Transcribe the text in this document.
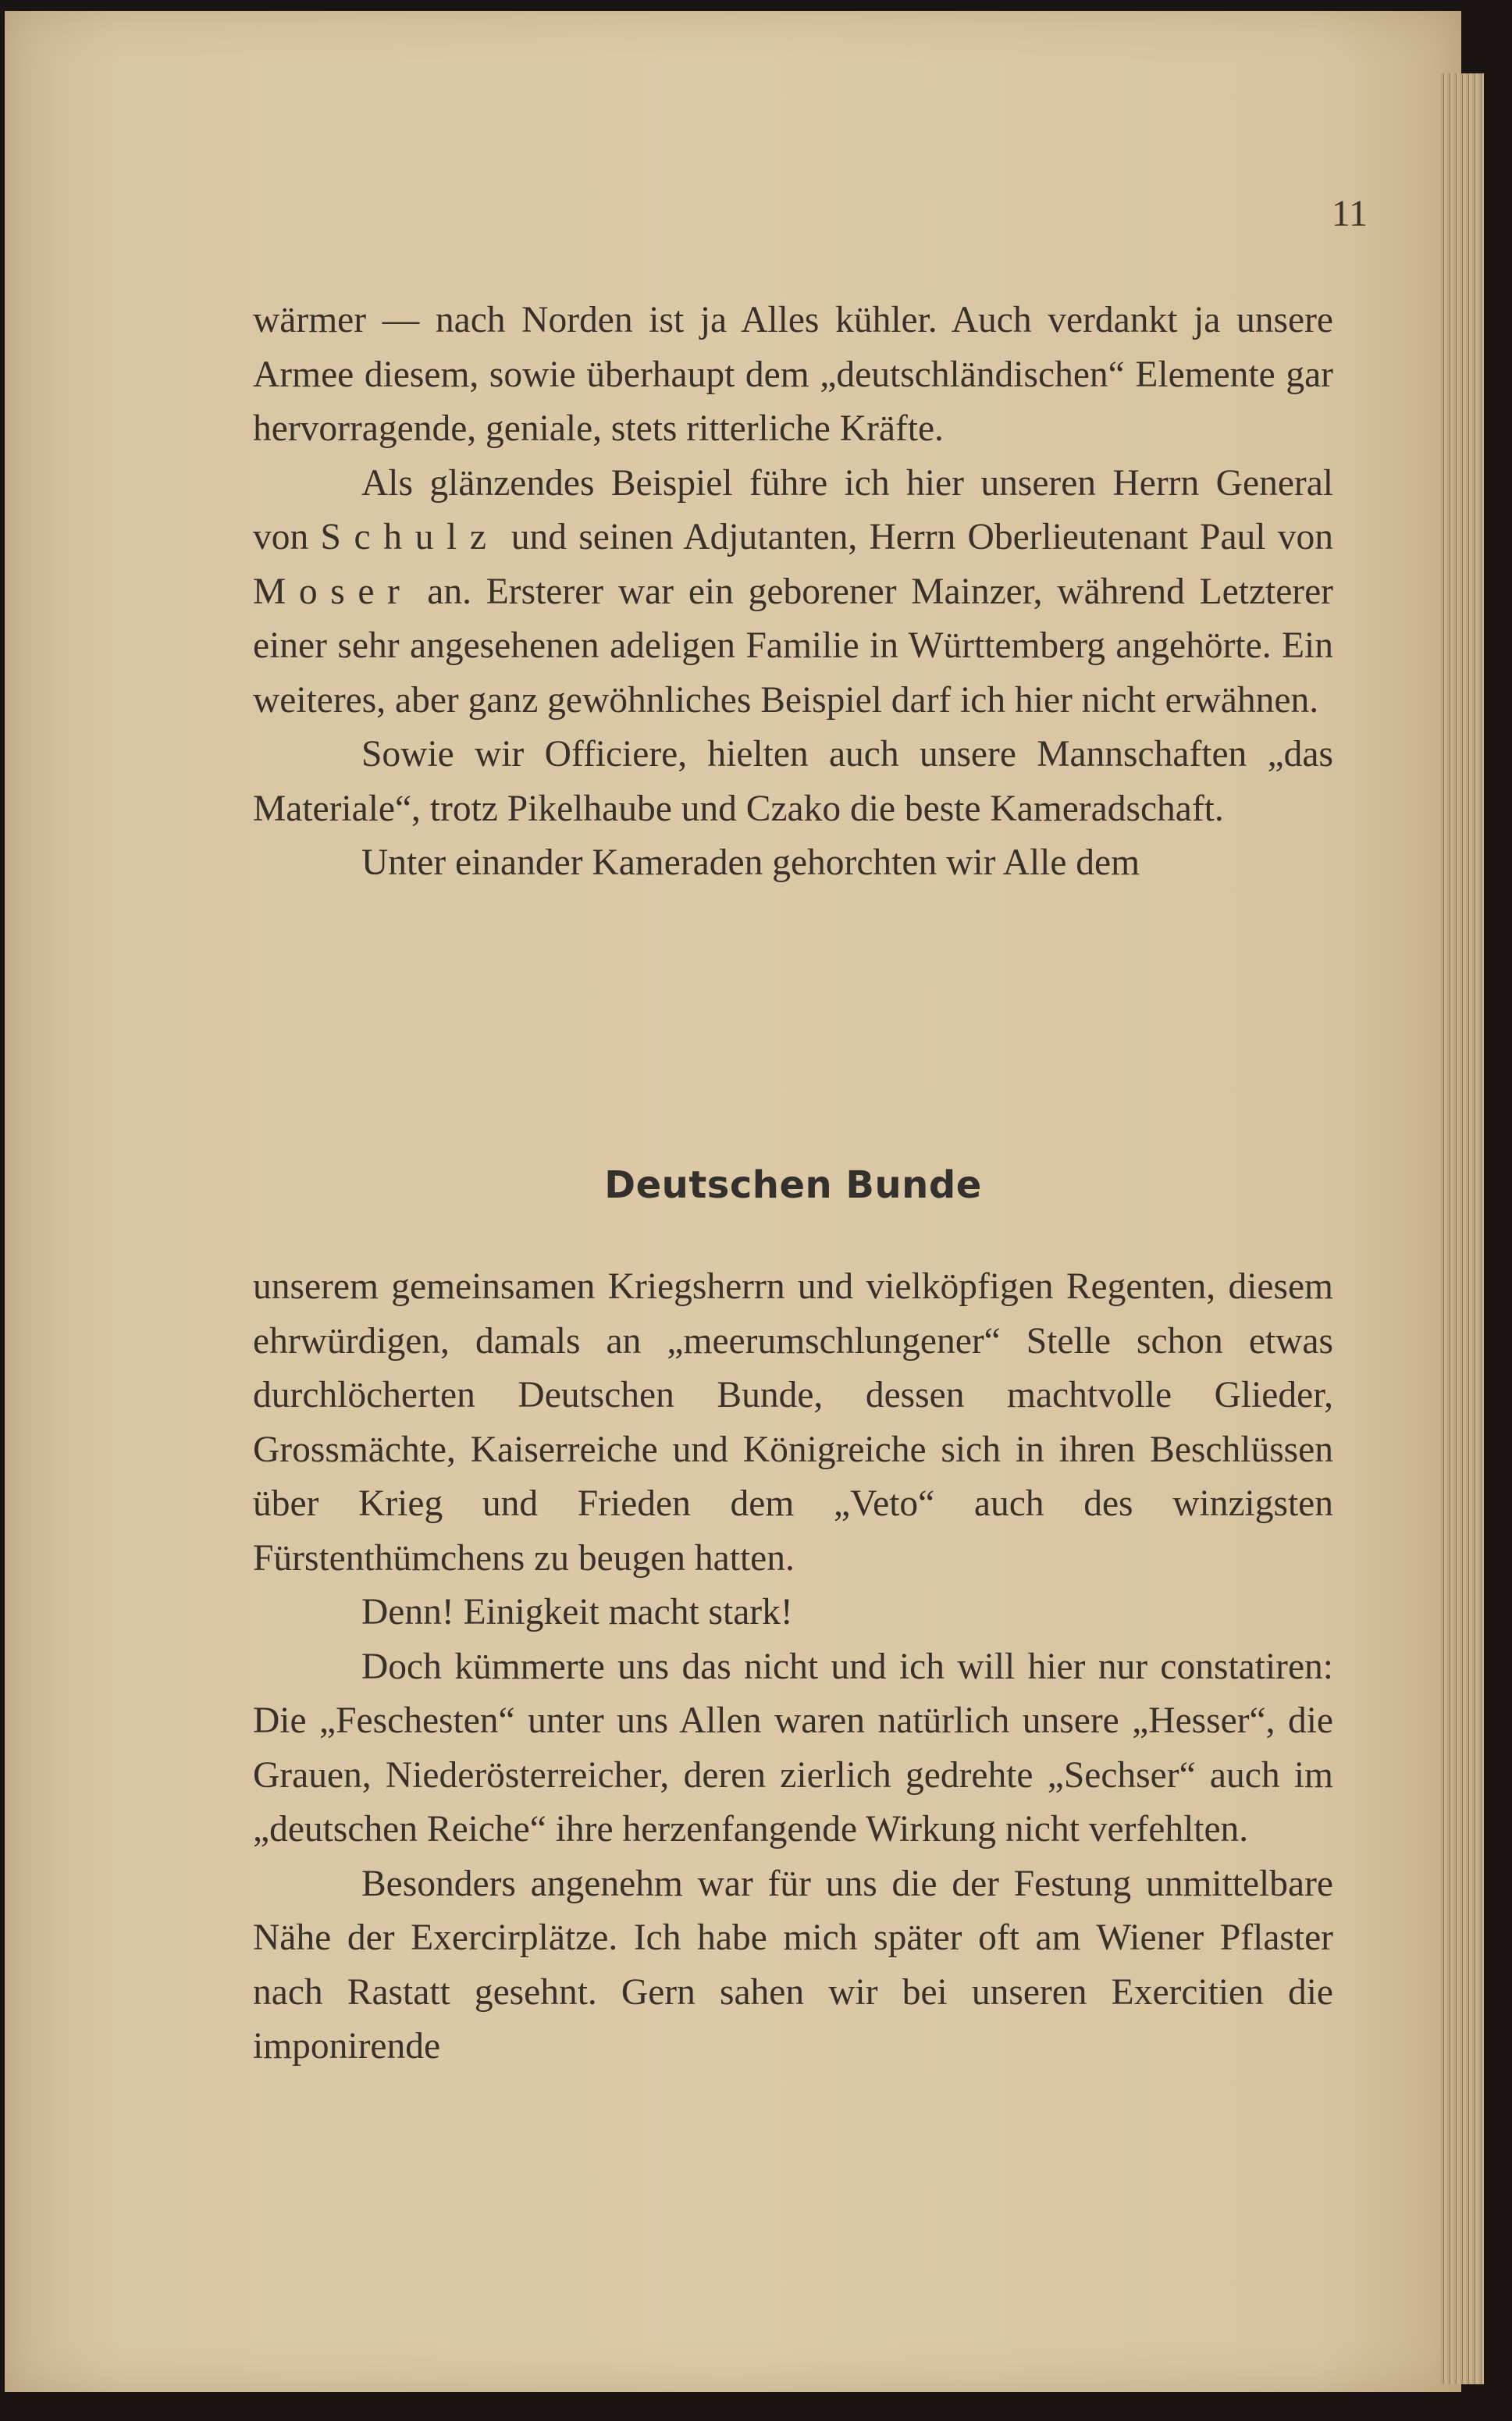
11

wärmer — nach Norden ist ja Alles kühler. Auch verdankt ja unsere Armee diesem, sowie überhaupt dem „deutschländischen“ Elemente gar hervorragende, geniale, stets ritterliche Kräfte.

Als glänzendes Beispiel führe ich hier unseren Herrn General von Schulz und seinen Adjutanten, Herrn Oberlieutenant Paul von Moser an. Ersterer war ein geborener Mainzer, während Letzterer einer sehr angesehenen adeligen Familie in Württemberg angehörte. Ein weiteres, aber ganz gewöhnliches Beispiel darf ich hier nicht erwähnen.

Sowie wir Officiere, hielten auch unsere Mannschaften „das Materiale“, trotz Pikelhaube und Czako die beste Kameradschaft.

Unter einander Kameraden gehorchten wir Alle dem

Deutschen Bunde

unserem gemeinsamen Kriegsherrn und vielköpfigen Regenten, diesem ehrwürdigen, damals an „meerumschlungener“ Stelle schon etwas durchlöcherten Deutschen Bunde, dessen machtvolle Glieder, Grossmächte, Kaiserreiche und Königreiche sich in ihren Beschlüssen über Krieg und Frieden dem „Veto“ auch des winzigsten Fürstenthümchens zu beugen hatten.

Denn! Einigkeit macht stark!

Doch kümmerte uns das nicht und ich will hier nur constatiren: Die „Feschesten“ unter uns Allen waren natürlich unsere „Hesser“, die Grauen, Niederösterreicher, deren zierlich gedrehte „Sechser“ auch im „deutschen Reiche“ ihre herzenfangende Wirkung nicht verfehlten.

Besonders angenehm war für uns die der Festung unmittelbare Nähe der Exercirplätze. Ich habe mich später oft am Wiener Pflaster nach Rastatt gesehnt. Gern sahen wir bei unseren Exercitien die imponirende
